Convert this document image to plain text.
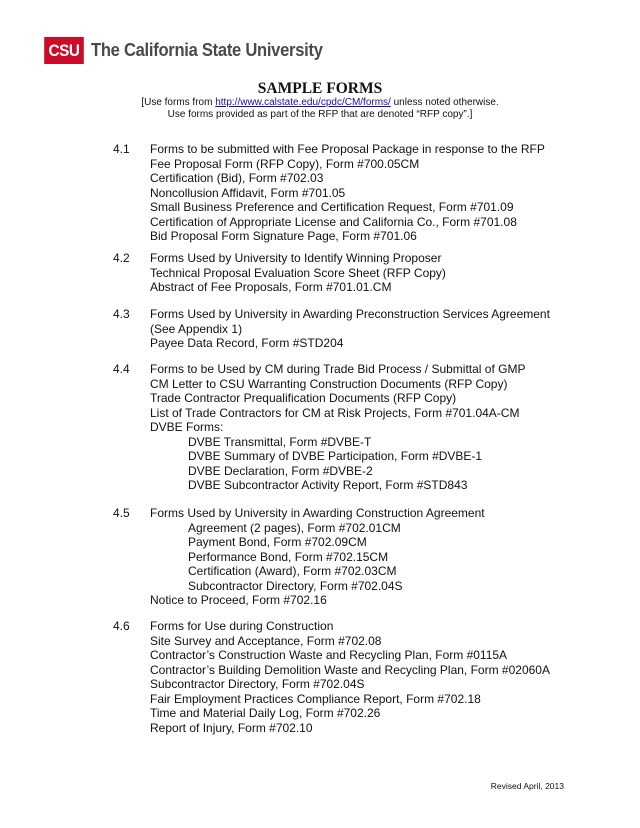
CSU The California State University
SAMPLE FORMS
[Use forms from http://www.calstate.edu/cpdc/CM/forms/ unless noted otherwise.
Use forms provided as part of the RFP that are denoted “RFP copy”.]
4.1	Forms to be submitted with Fee Proposal Package in response to the RFP
Fee Proposal Form (RFP Copy), Form #700.05CM
Certification (Bid), Form #702.03
Noncollusion Affidavit, Form #701.05
Small Business Preference and Certification Request, Form #701.09
Certification of Appropriate License and California Co., Form #701.08
Bid Proposal Form Signature Page, Form #701.06
4.2	Forms Used by University to Identify Winning Proposer
Technical Proposal Evaluation Score Sheet (RFP Copy)
Abstract of Fee Proposals, Form #701.01.CM
4.3	Forms Used by University in Awarding Preconstruction Services Agreement
(See Appendix 1)
Payee Data Record, Form #STD204
4.4	Forms to be Used by CM during Trade Bid Process / Submittal of GMP
CM Letter to CSU Warranting Construction Documents (RFP Copy)
Trade Contractor Prequalification Documents (RFP Copy)
List of Trade Contractors for CM at Risk Projects, Form #701.04A-CM
DVBE Forms:
DVBE Transmittal, Form #DVBE-T
DVBE Summary of DVBE Participation, Form #DVBE-1
DVBE Declaration, Form #DVBE-2
DVBE Subcontractor Activity Report, Form #STD843
4.5	Forms Used by University in Awarding Construction Agreement
Agreement (2 pages), Form #702.01CM
Payment Bond, Form #702.09CM
Performance Bond, Form #702.15CM
Certification (Award), Form #702.03CM
Subcontractor Directory, Form #702.04S
Notice to Proceed, Form #702.16
4.6	Forms for Use during Construction
Site Survey and Acceptance, Form #702.08
Contractor’s Construction Waste and Recycling Plan, Form #0115A
Contractor’s Building Demolition Waste and Recycling Plan, Form #02060A
Subcontractor Directory, Form #702.04S
Fair Employment Practices Compliance Report, Form #702.18
Time and Material Daily Log, Form #702.26
Report of Injury, Form #702.10
Revised April, 2013
